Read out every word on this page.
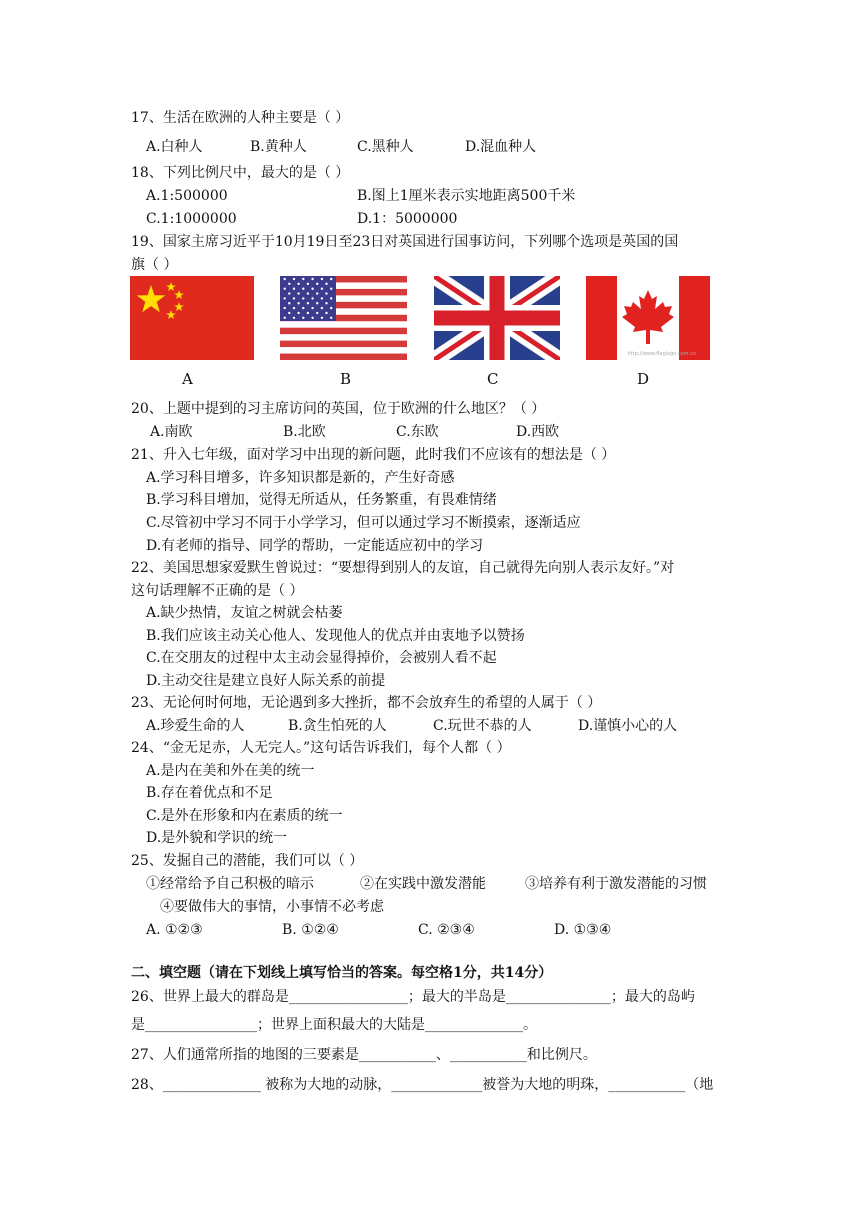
17、生活在欧洲的人种主要是（ ）
A.白种人	B.黄种人	C.黑种人	D.混血种人
18、下列比例尺中，最大的是（ ）
A.1:500000	B.图上1厘米表示实地距离500千米
C.1:1000000	D.1：5000000
19、国家主席习近平于10月19日至23日对英国进行国事访问，下列哪个选项是英国的国
旗（ ）
http://www.flaglogo.com.cn
A	B	C	D
20、上题中提到的习主席访问的英国，位于欧洲的什么地区？（ ）
A.南欧	B.北欧	C.东欧	D.西欧
21、升入七年级，面对学习中出现的新问题，此时我们不应该有的想法是（ ）
A.学习科目增多，许多知识都是新的，产生好奇感
B.学习科目增加，觉得无所适从，任务繁重，有畏难情绪
C.尽管初中学习不同于小学学习，但可以通过学习不断摸索，逐渐适应
D.有老师的指导、同学的帮助，一定能适应初中的学习
22、美国思想家爱默生曾说过：“要想得到别人的友谊，自己就得先向别人表示友好。”对
这句话理解不正确的是（ ）
A.缺少热情，友谊之树就会枯萎
B.我们应该主动关心他人、发现他人的优点并由衷地予以赞扬
C.在交朋友的过程中太主动会显得掉价，会被别人看不起
D.主动交往是建立良好人际关系的前提
23、无论何时何地，无论遇到多大挫折，都不会放弃生的希望的人属于（ ）
A.珍爱生命的人	B.贪生怕死的人	C.玩世不恭的人	D.谨慎小心的人
24、“金无足赤，人无完人。”这句话告诉我们，每个人都（ ）
A.是内在美和外在美的统一
B.存在着优点和不足
C.是外在形象和内在素质的统一
D.是外貌和学识的统一
25、发掘自己的潜能，我们可以（ ）
①经常给予自己积极的暗示	②在实践中激发潜能	③培养有利于激发潜能的习惯
④要做伟大的事情，小事情不必考虑
A. ①②③	B. ①②④	C. ②③④	D. ①③④
二、填空题（请在下划线上填写恰当的答案。每空格1分，共14分）
26、世界上最大的群岛是_________________；最大的半岛是_______________；最大的岛屿
是________________；世界上面积最大的大陆是______________。
27、人们通常所指的地图的三要素是___________、___________和比例尺。
28、______________ 被称为大地的动脉，_____________被誉为大地的明珠，___________（地
